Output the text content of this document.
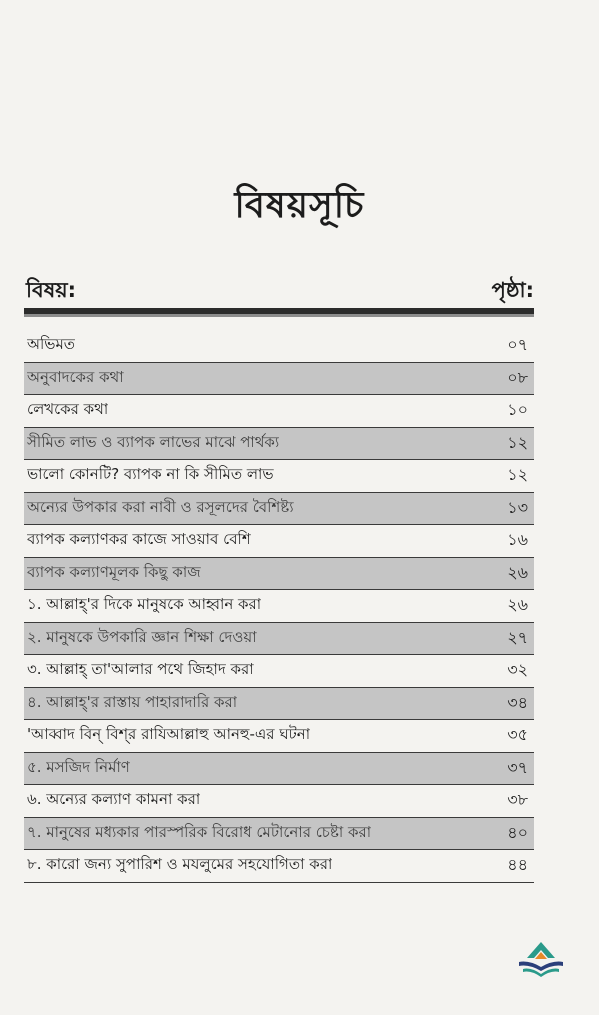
বিষয়সূচি
বিষয়:	পৃষ্ঠা:
অভিমত	০৭
অনুবাদকের কথা	০৮
লেখকের কথা	১০
সীমিত লাভ ও ব্যাপক লাভের মাঝে পার্থক্য	১২
ভালো কোনটি? ব্যাপক না কি সীমিত লাভ	১২
অন্যের উপকার করা নাবী ও রসূলদের বৈশিষ্ট্য	১৩
ব্যাপক কল্যাণকর কাজে সাওয়াব বেশি	১৬
ব্যাপক কল্যাণমূলক কিছু কাজ	২৬
১. আল্লাহ্'র দিকে মানুষকে আহ্বান করা	২৬
২. মানুষকে উপকারি জ্ঞান শিক্ষা দেওয়া	২৭
৩. আল্লাহ্ তা'আলার পথে জিহাদ করা	৩২
৪. আল্লাহ্'র রাস্তায় পাহারাদারি করা	৩৪
'আব্বাদ বিন্ বিশ্‌র রাযিআল্লাহু আনহু-এর ঘটনা	৩৫
৫. মসজিদ নির্মাণ	৩৭
৬. অন্যের কল্যাণ কামনা করা	৩৮
৭. মানুষের মধ্যকার পারস্পরিক বিরোধ মেটানোর চেষ্টা করা	৪০
৮. কারো জন্য সুপারিশ ও মযলুমের সহযোগিতা করা	৪৪
